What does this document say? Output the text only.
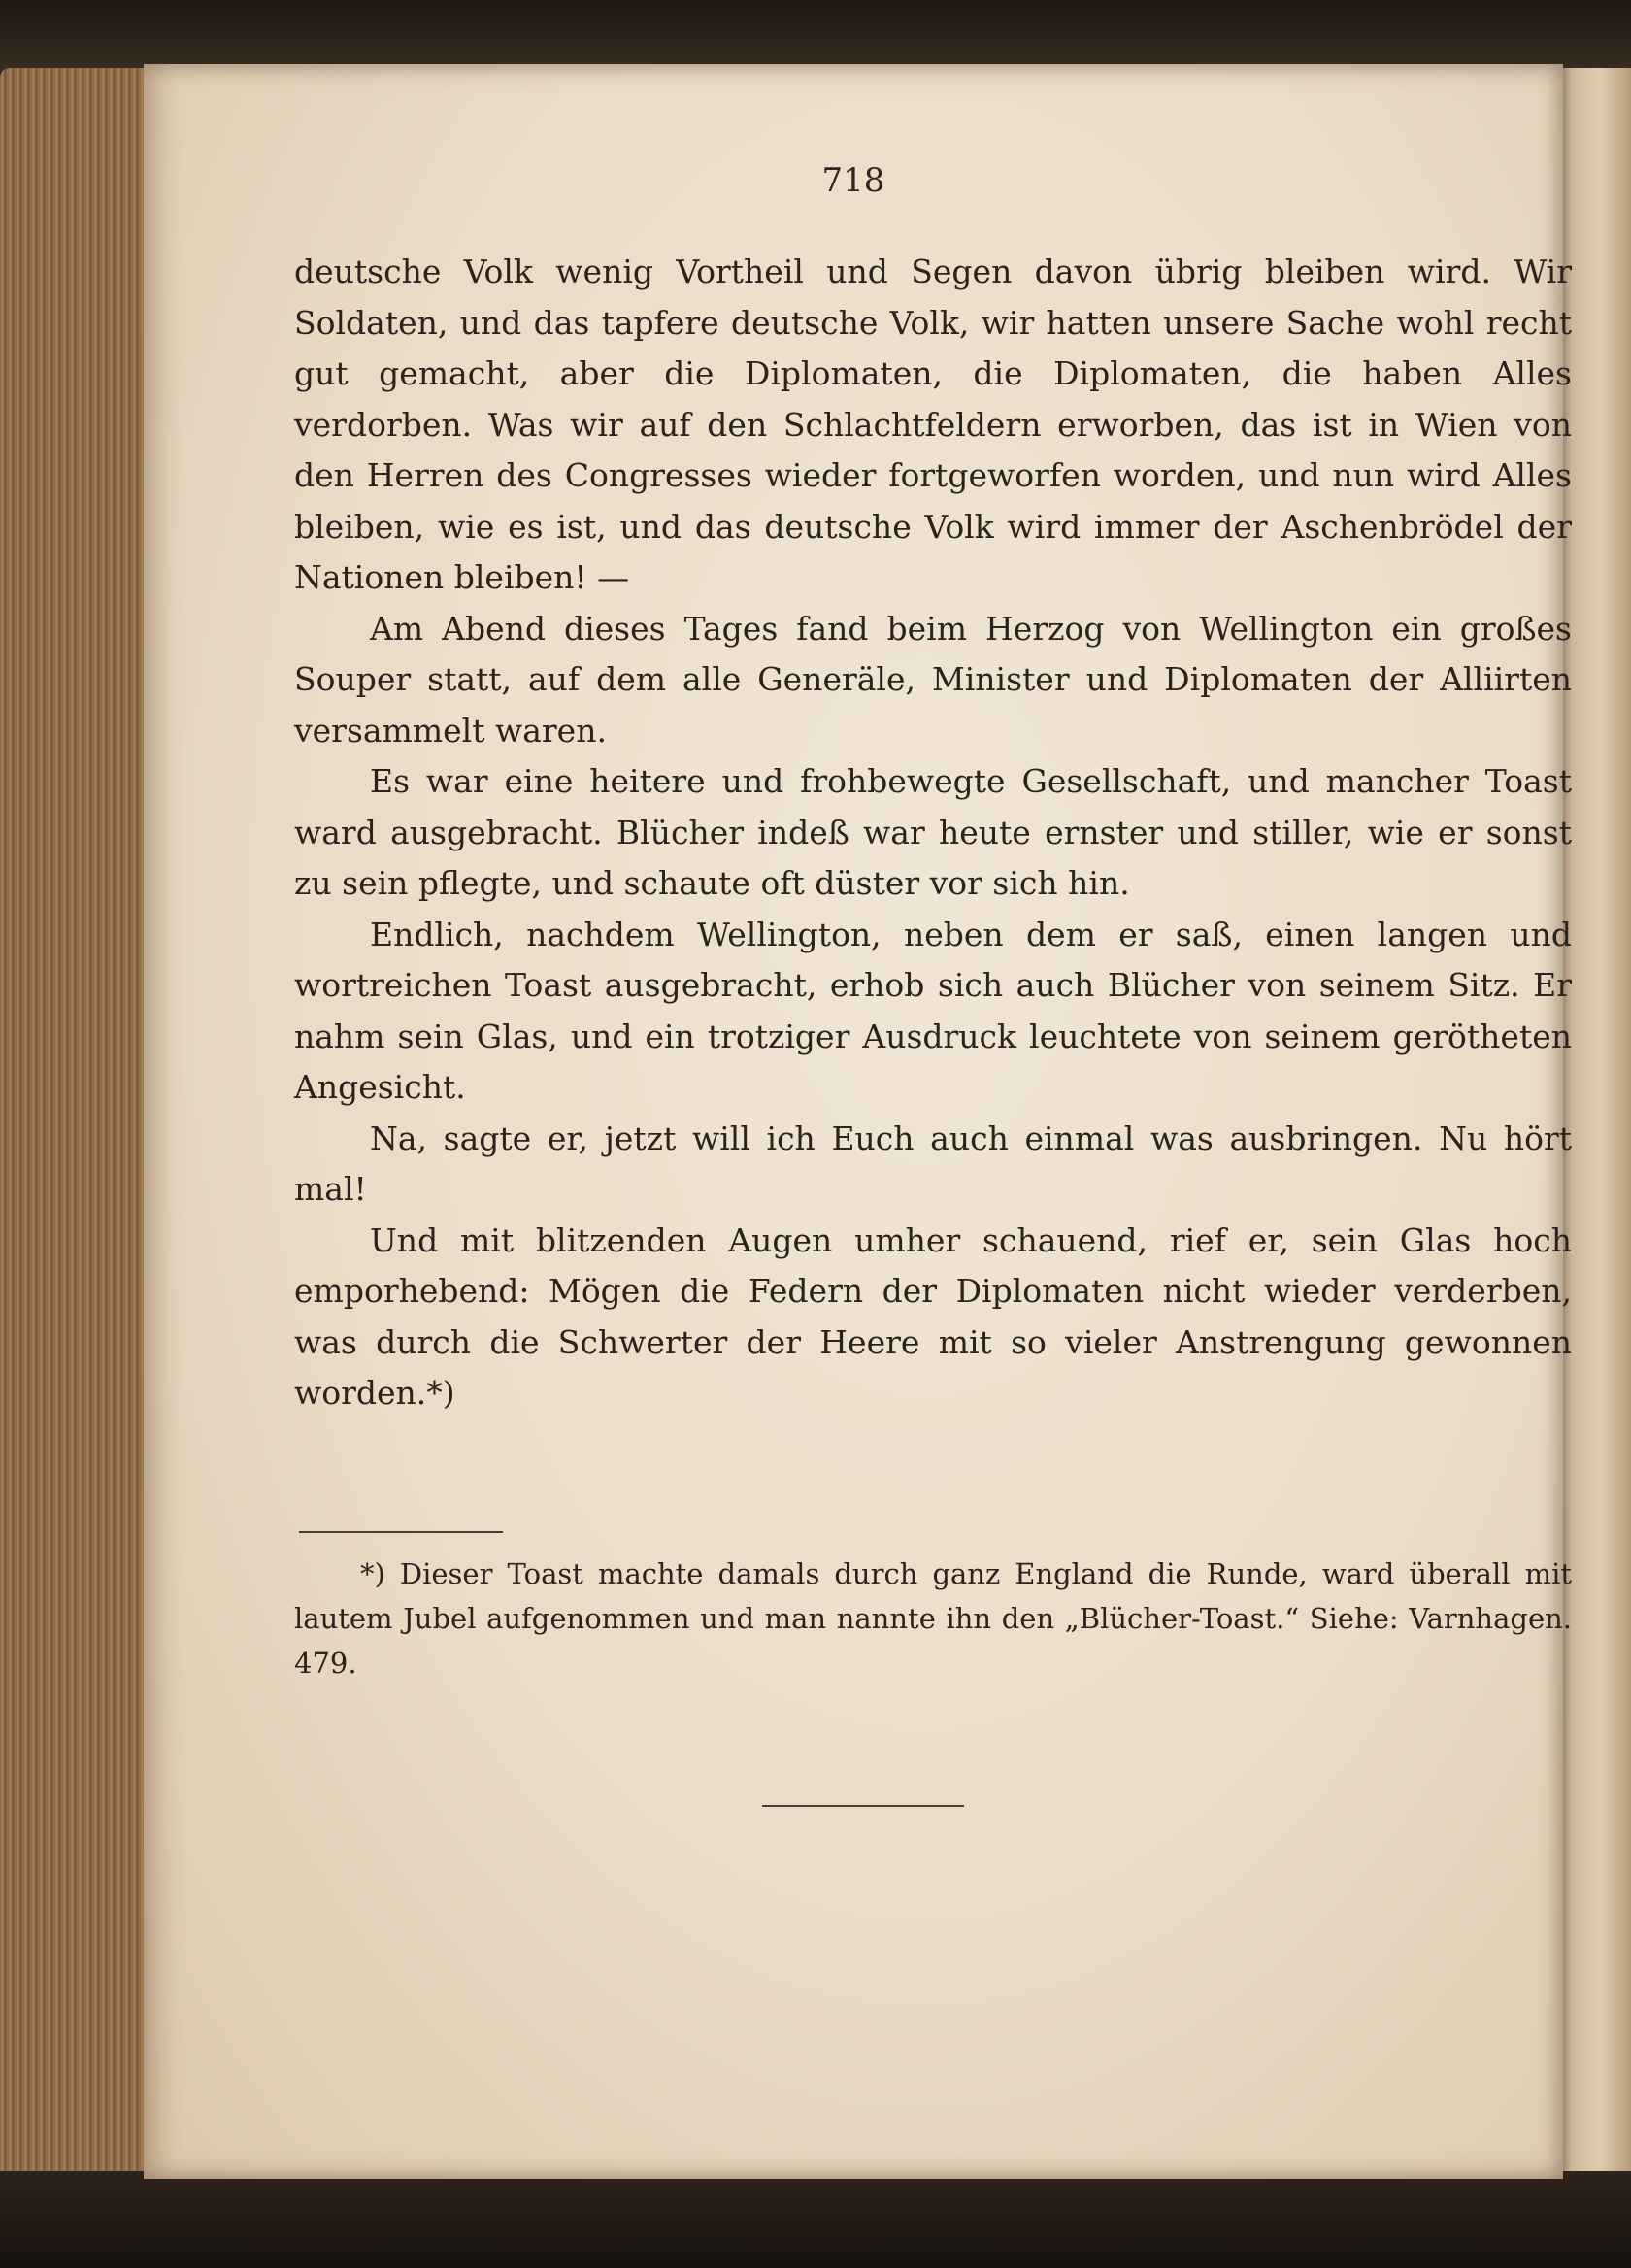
718

deutsche Volk wenig Vortheil und Segen davon übrig bleiben wird. Wir Soldaten, und das tapfere deutsche Volk, wir hatten unsere Sache wohl recht gut gemacht, aber die Diplomaten, die Diplomaten, die haben Alles verdorben. Was wir auf den Schlachtfeldern erworben, das ist in Wien von den Herren des Congresses wieder fortgeworfen worden, und nun wird Alles bleiben, wie es ist, und das deutsche Volk wird immer der Aschenbrödel der Nationen bleiben! —

Am Abend dieses Tages fand beim Herzog von Wellington ein großes Souper statt, auf dem alle Generäle, Minister und Diplomaten der Alliirten versammelt waren.

Es war eine heitere und frohbewegte Gesellschaft, und mancher Toast ward ausgebracht. Blücher indeß war heute ernster und stiller, wie er sonst zu sein pflegte, und schaute oft düster vor sich hin.

Endlich, nachdem Wellington, neben dem er saß, einen langen und wortreichen Toast ausgebracht, erhob sich auch Blücher von seinem Sitz. Er nahm sein Glas, und ein trotziger Ausdruck leuchtete von seinem gerötheten Angesicht.

Na, sagte er, jetzt will ich Euch auch einmal was ausbringen. Nu hört mal!

Und mit blitzenden Augen umher schauend, rief er, sein Glas hoch emporhebend: Mögen die Federn der Diplomaten nicht wieder verderben, was durch die Schwerter der Heere mit so vieler Anstrengung gewonnen worden.*)

*) Dieser Toast machte damals durch ganz England die Runde, ward überall mit lautem Jubel aufgenommen und man nannte ihn den „Blücher-Toast.“ Siehe: Varnhagen. 479.
